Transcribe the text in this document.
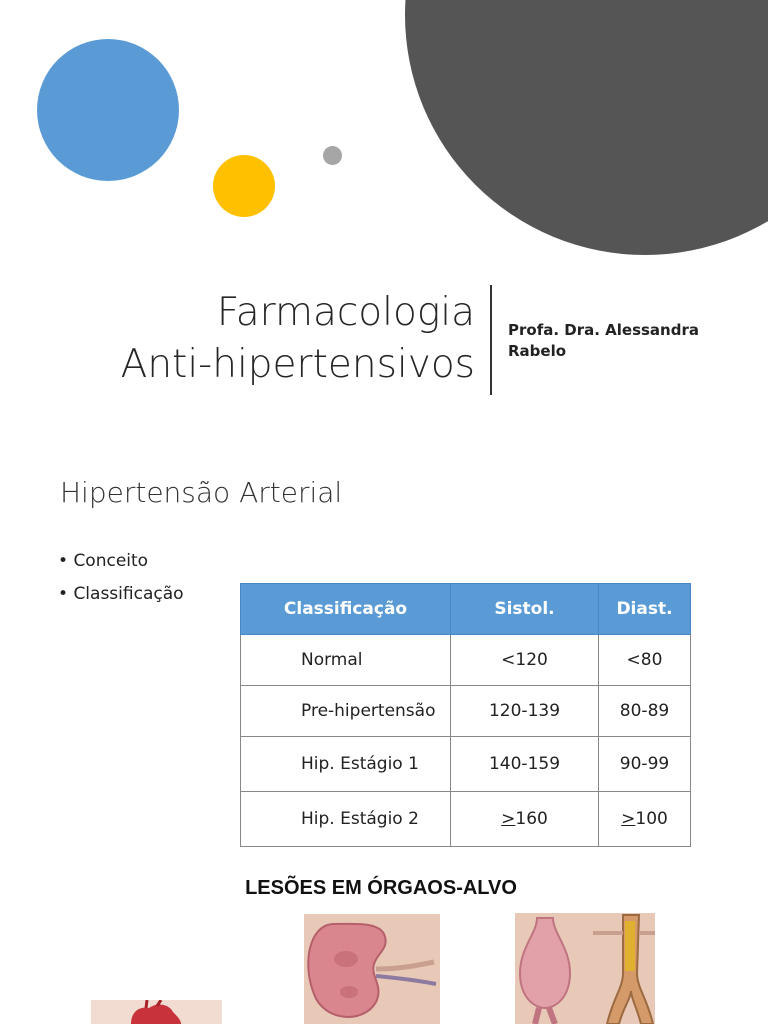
Farmacologia
Anti-hipertensivos
Profa. Dra. Alessandra
Rabelo
Hipertensão Arterial
• Conceito
• Classificação
Classificação	Sistol.	Diast.
Normal	<120	<80
Pre-hipertensão	120-139	80-89
Hip. Estágio 1	140-159	90-99
Hip. Estágio 2	>160	>100
LESÕES EM ÓRGAOS-ALVO
